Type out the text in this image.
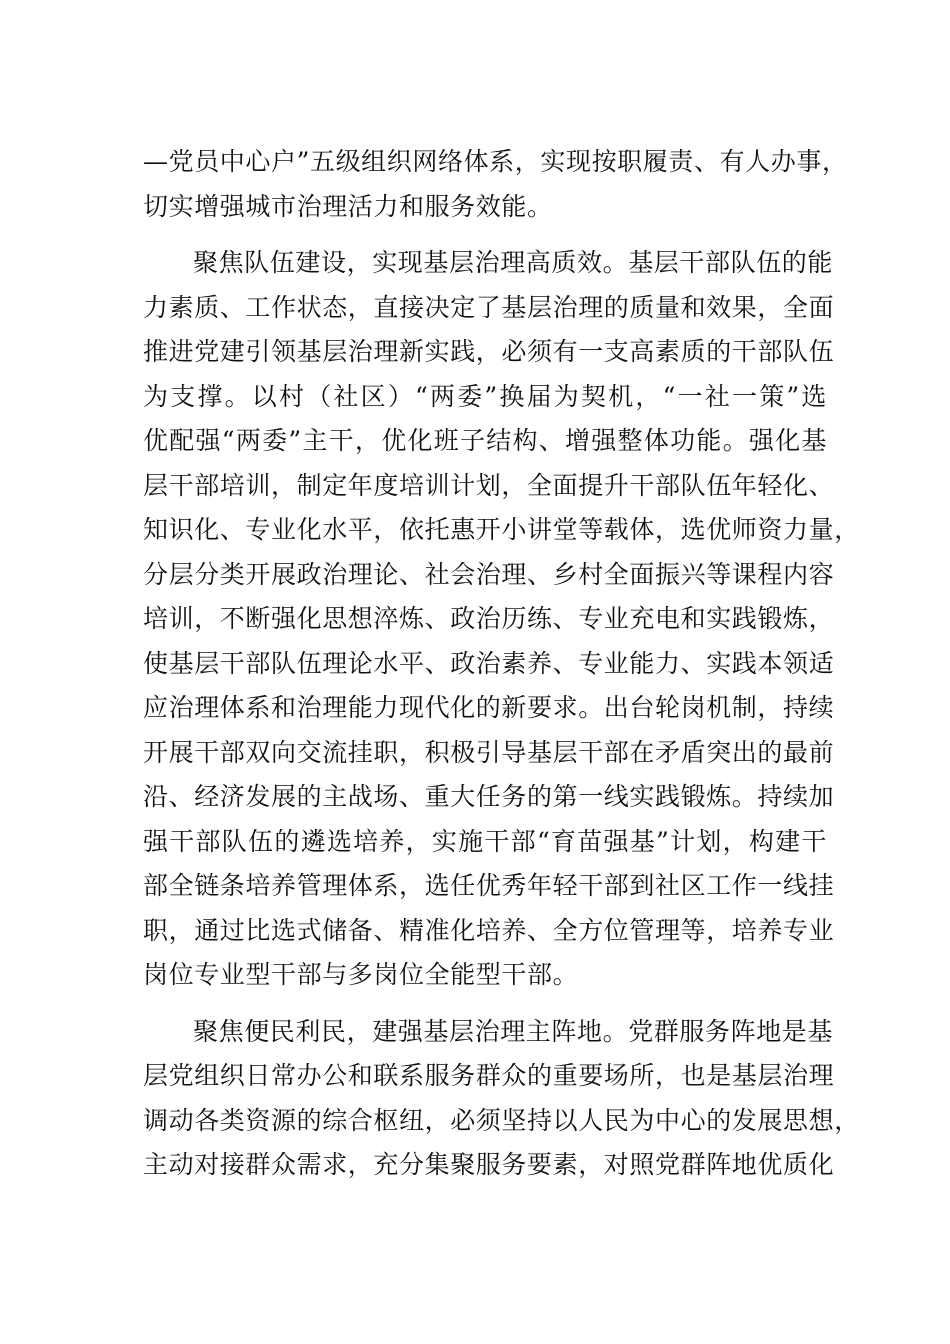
—党员中心户”五级组织网络体系，实现按职履责、有人办事，
切实增强城市治理活力和服务效能。
聚焦队伍建设，实现基层治理高质效。基层干部队伍的能
力素质、工作状态，直接决定了基层治理的质量和效果，全面
推进党建引领基层治理新实践，必须有一支高素质的干部队伍
为支撑。以村（社区）“两委”换届为契机，“一社一策”选
优配强“两委”主干，优化班子结构、增强整体功能。强化基
层干部培训，制定年度培训计划，全面提升干部队伍年轻化、
知识化、专业化水平，依托惠开小讲堂等载体，选优师资力量，
分层分类开展政治理论、社会治理、乡村全面振兴等课程内容
培训，不断强化思想淬炼、政治历练、专业充电和实践锻炼，
使基层干部队伍理论水平、政治素养、专业能力、实践本领适
应治理体系和治理能力现代化的新要求。出台轮岗机制，持续
开展干部双向交流挂职，积极引导基层干部在矛盾突出的最前
沿、经济发展的主战场、重大任务的第一线实践锻炼。持续加
强干部队伍的遴选培养，实施干部“育苗强基”计划，构建干
部全链条培养管理体系，选任优秀年轻干部到社区工作一线挂
职，通过比选式储备、精准化培养、全方位管理等，培养专业
岗位专业型干部与多岗位全能型干部。
聚焦便民利民，建强基层治理主阵地。党群服务阵地是基
层党组织日常办公和联系服务群众的重要场所，也是基层治理
调动各类资源的综合枢纽，必须坚持以人民为中心的发展思想，
主动对接群众需求，充分集聚服务要素，对照党群阵地优质化
